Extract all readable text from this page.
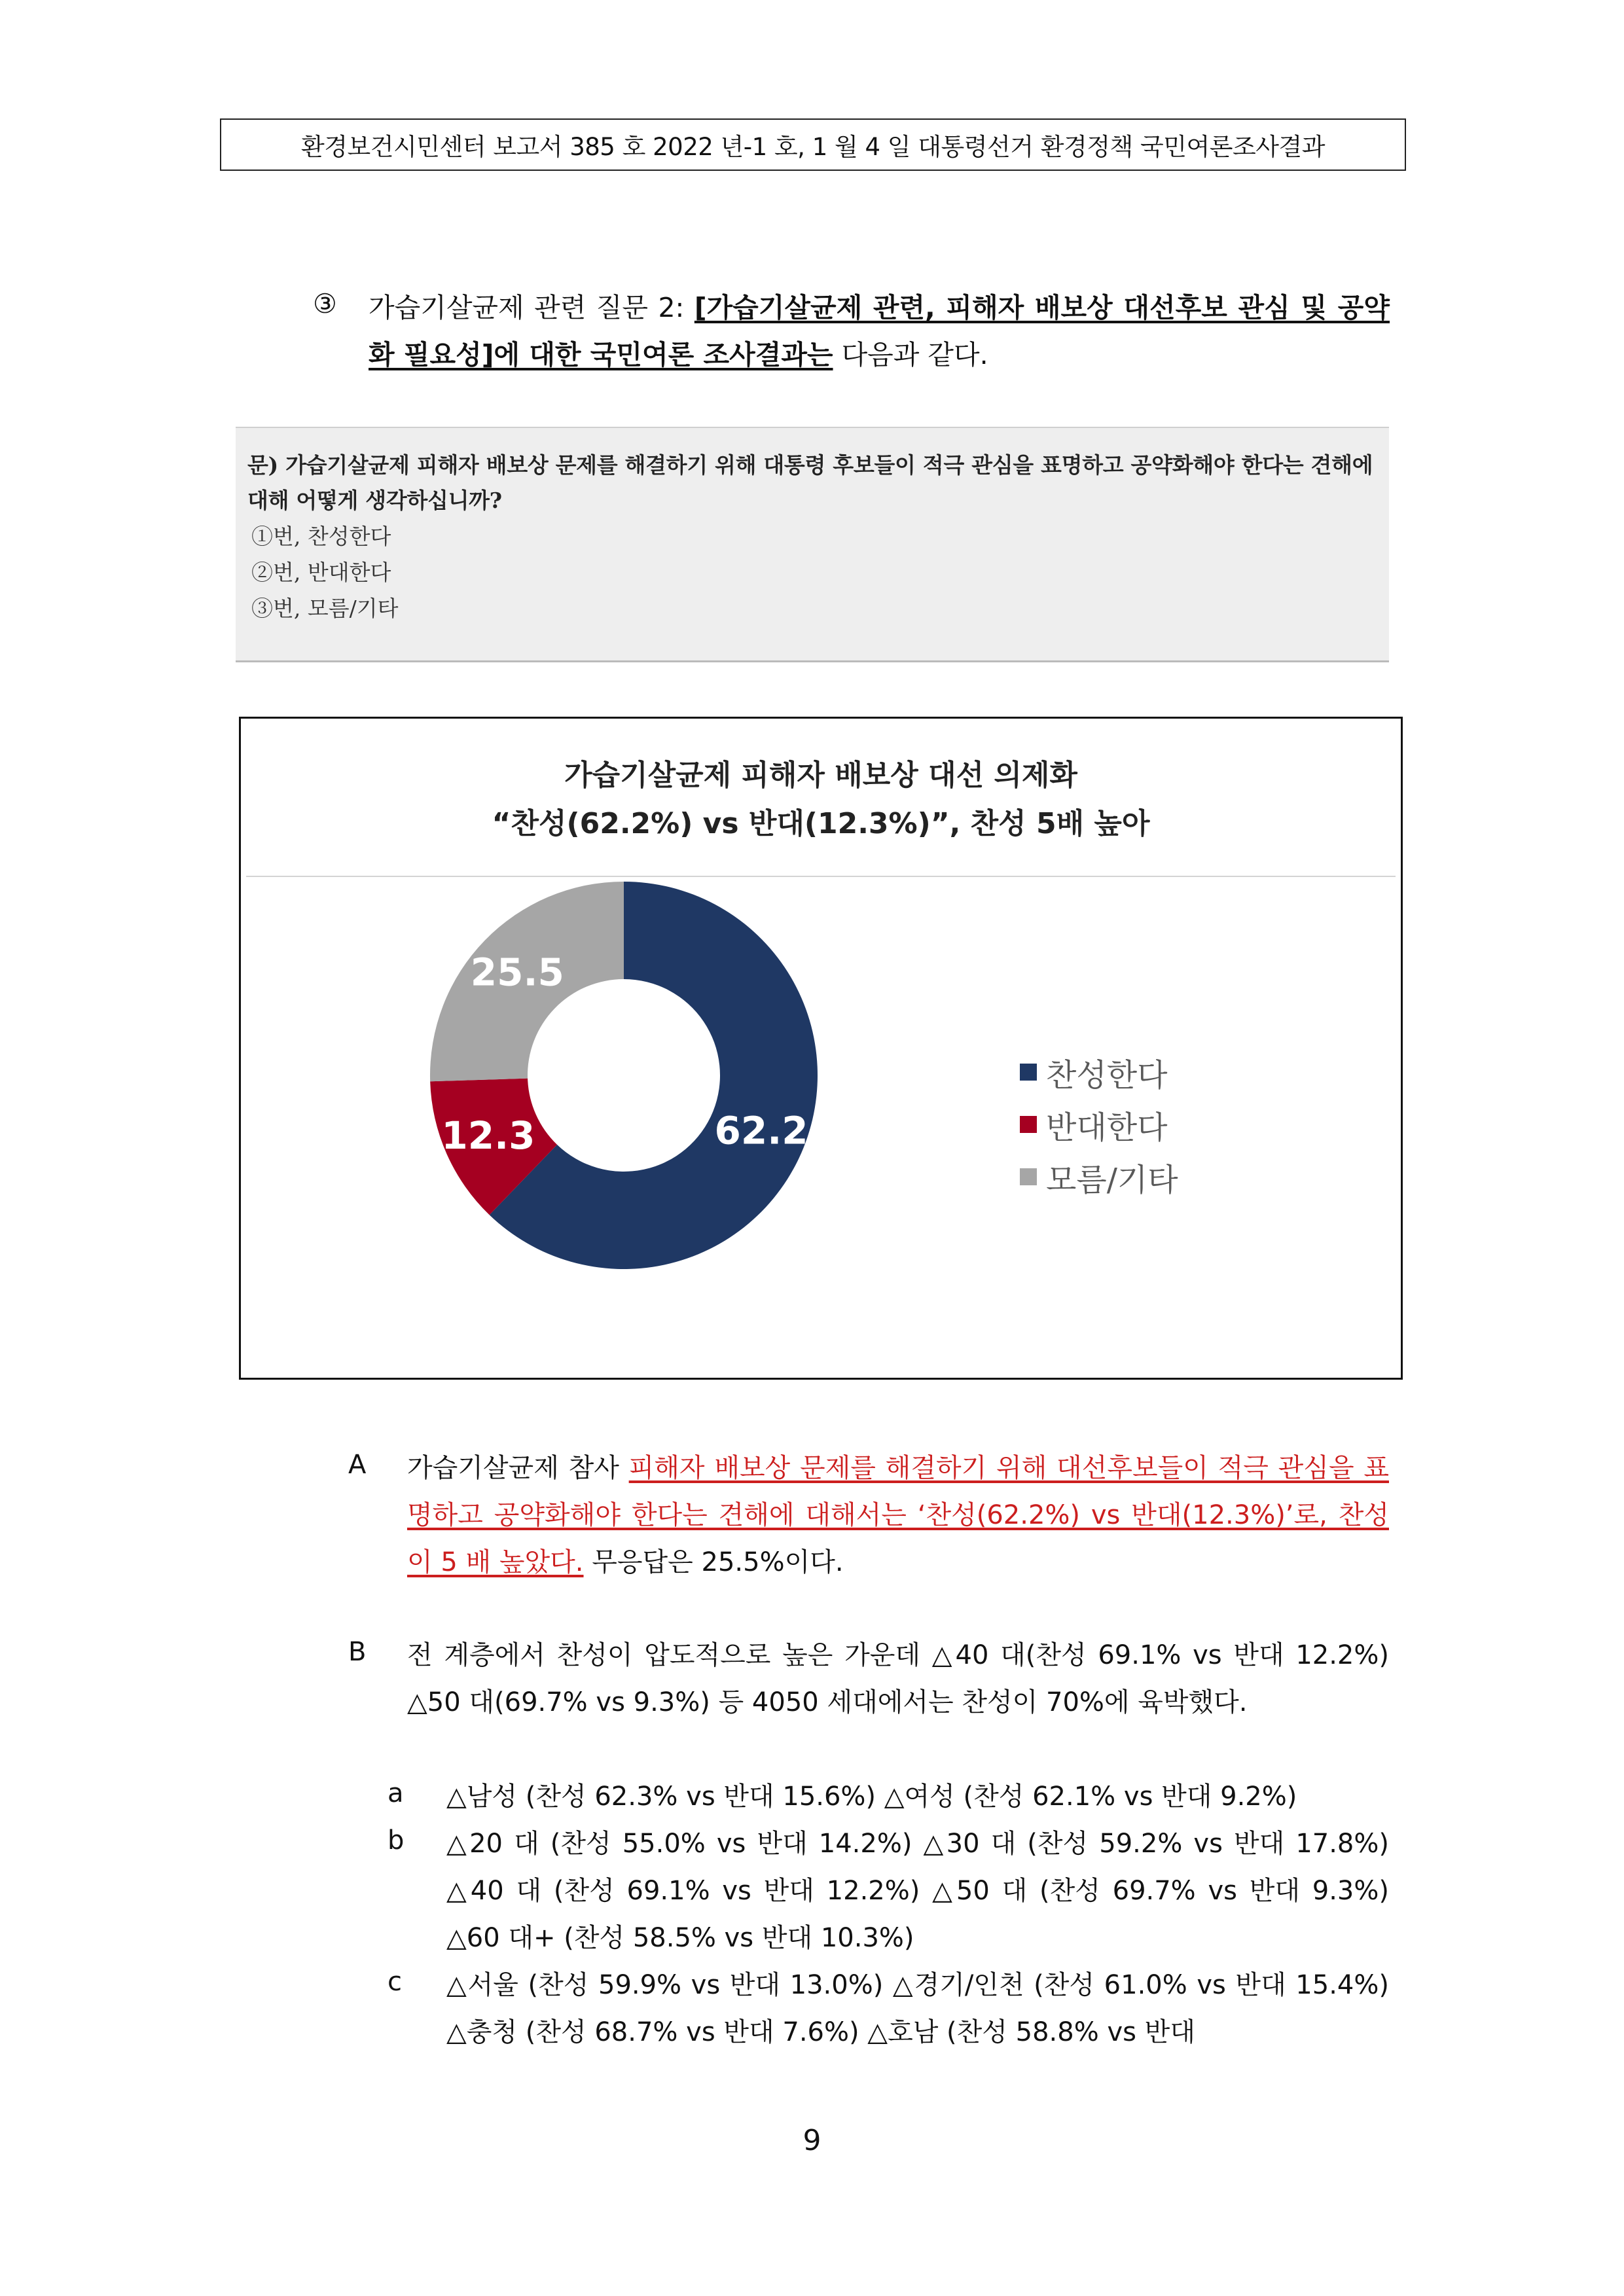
환경보건시민센터 보고서 385 호 2022 년-1 호, 1 월 4 일 대통령선거 환경정책 국민여론조사결과
③ 가습기살균제 관련 질문 2: [가습기살균제 관련, 피해자 배보상 대선후보 관심 및 공약화 필요성]에 대한 국민여론 조사결과는 다음과 같다.
문) 가습기살균제 피해자 배보상 문제를 해결하기 위해 대통령 후보들이 적극 관심을 표명하고 공약화해야 한다는 견해에 대해 어떻게 생각하십니까?
①번, 찬성한다
②번, 반대한다
③번, 모름/기타
가습기살균제 피해자 배보상 대선 의제화
“찬성(62.2%) vs 반대(12.3%)”, 찬성 5배 높아
62.2
12.3
25.5
찬성한다
반대한다
모름/기타
A 가습기살균제 참사 피해자 배보상 문제를 해결하기 위해 대선후보들이 적극 관심을 표명하고 공약화해야 한다는 견해에 대해서는 ‘찬성(62.2%) vs 반대(12.3%)’로, 찬성이 5 배 높았다. 무응답은 25.5%이다.
B 전 계층에서 찬성이 압도적으로 높은 가운데 △40 대(찬성 69.1% vs 반대 12.2%) △50 대(69.7% vs 9.3%) 등 4050 세대에서는 찬성이 70%에 육박했다.
a △남성 (찬성 62.3% vs 반대 15.6%) △여성 (찬성 62.1% vs 반대 9.2%)
b △20 대 (찬성 55.0% vs 반대 14.2%) △30 대 (찬성 59.2% vs 반대 17.8%) △40 대 (찬성 69.1% vs 반대 12.2%) △50 대 (찬성 69.7% vs 반대 9.3%) △60 대+ (찬성 58.5% vs 반대 10.3%)
c △서울 (찬성 59.9% vs 반대 13.0%) △경기/인천 (찬성 61.0% vs 반대 15.4%) △충청 (찬성 68.7% vs 반대 7.6%) △호남 (찬성 58.8% vs 반대
9
